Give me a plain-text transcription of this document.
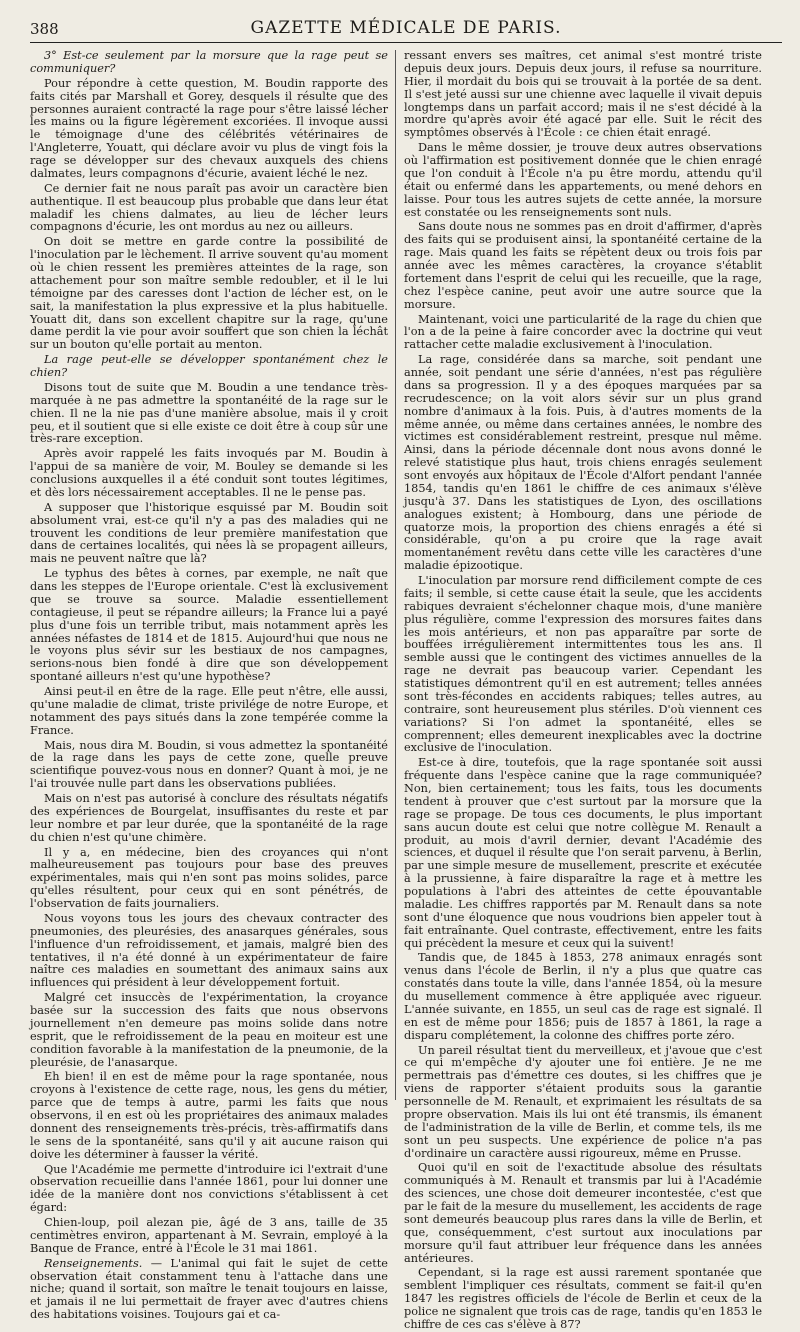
388	GAZETTE MÉDICALE DE PARIS.

3° Est-ce seulement par la morsure que la rage peut se communiquer?

Pour répondre à cette question, M. Boudin rapporte des faits cités par Marshall et Gorey, desquels il résulte que des personnes auraient contracté la rage pour s'être laissé lécher les mains ou la figure légèrement excoriées. Il invoque aussi le témoignage d'une des célébrités vétérinaires de l'Angleterre, Youatt, qui déclare avoir vu plus de vingt fois la rage se développer sur des chevaux auxquels des chiens dalmates, leurs compagnons d'écurie, avaient léché le nez.

Ce dernier fait ne nous paraît pas avoir un caractère bien authentique. Il est beaucoup plus probable que dans leur état maladif les chiens dalmates, au lieu de lécher leurs compagnons d'écurie, les ont mordus au nez ou ailleurs.

On doit se mettre en garde contre la possibilité de l'inoculation par le lèchement. Il arrive souvent qu'au moment où le chien ressent les premières atteintes de la rage, son attachement pour son maître semble redoubler, et il le lui témoigne par des caresses dont l'action de lécher est, on le sait, la manifestation la plus expressive et la plus habituelle. Youatt dit, dans son excellent chapitre sur la rage, qu'une dame perdit la vie pour avoir souffert que son chien la léchât sur un bouton qu'elle portait au menton.

La rage peut-elle se développer spontanément chez le chien?

Disons tout de suite que M. Boudin a une tendance très-marquée à ne pas admettre la spontanéité de la rage sur le chien. Il ne la nie pas d'une manière absolue, mais il y croit peu, et il soutient que si elle existe ce doit être à coup sûr une très-rare exception.

Après avoir rappelé les faits invoqués par M. Boudin à l'appui de sa manière de voir, M. Bouley se demande si les conclusions auxquelles il a été conduit sont toutes légitimes, et dès lors nécessairement acceptables. Il ne le pense pas.

A supposer que l'historique esquissé par M. Boudin soit absolument vrai, est-ce qu'il n'y a pas des maladies qui ne trouvent les conditions de leur première manifestation que dans de certaines localités, qui nées là se propagent ailleurs, mais ne peuvent naître que là?

Le typhus des bêtes à cornes, par exemple, ne naît que dans les steppes de l'Europe orientale. C'est là exclusivement que se trouve sa source. Maladie essentiellement contagieuse, il peut se répandre ailleurs; la France lui a payé plus d'une fois un terrible tribut, mais notamment après les années néfastes de 1814 et de 1815. Aujourd'hui que nous ne le voyons plus sévir sur les bestiaux de nos campagnes, serions-nous bien fondé à dire que son développement spontané ailleurs n'est qu'une hypothèse?

Ainsi peut-il en être de la rage. Elle peut n'être, elle aussi, qu'une maladie de climat, triste privilége de notre Europe, et notamment des pays situés dans la zone tempérée comme la France.

Mais, nous dira M. Boudin, si vous admettez la spontanéité de la rage dans les pays de cette zone, quelle preuve scientifique pouvez-vous nous en donner? Quant à moi, je ne l'ai trouvée nulle part dans les observations publiées.

Mais on n'est pas autorisé à conclure des résultats négatifs des expériences de Bourgelat, insuffisantes du reste et par leur nombre et par leur durée, que la spontanéité de la rage du chien n'est qu'une chimère.

Il y a, en médecine, bien des croyances qui n'ont malheureusement pas toujours pour base des preuves expérimentales, mais qui n'en sont pas moins solides, parce qu'elles résultent, pour ceux qui en sont pénétrés, de l'observation de faits journaliers.

Nous voyons tous les jours des chevaux contracter des pneumonies, des pleurésies, des anasarques générales, sous l'influence d'un refroidissement, et jamais, malgré bien des tentatives, il n'a été donné à un expérimentateur de faire naître ces maladies en soumettant des animaux sains aux influences qui président à leur développement fortuit.

Malgré cet insuccès de l'expérimentation, la croyance basée sur la succession des faits que nous observons journellement n'en demeure pas moins solide dans notre esprit, que le refroidissement de la peau en moiteur est une condition favorable à la manifestation de la pneumonie, de la pleurésie, de l'anasarque.

Eh bien! il en est de même pour la rage spontanée, nous croyons à l'existence de cette rage, nous, les gens du métier, parce que de temps à autre, parmi les faits que nous observons, il en est où les propriétaires des animaux malades donnent des renseignements très-précis, très-affirmatifs dans le sens de la spontanéité, sans qu'il y ait aucune raison qui doive les déterminer à fausser la vérité.

Que l'Académie me permette d'introduire ici l'extrait d'une observation recueillie dans l'année 1861, pour lui donner une idée de la manière dont nos convictions s'établissent à cet égard:

Chien-loup, poil alezan pie, âgé de 3 ans, taille de 35 centimètres environ, appartenant à M. Sevrain, employé à la Banque de France, entré à l'École le 31 mai 1861.

Renseignements. — L'animal qui fait le sujet de cette observation était constamment tenu à l'attache dans une niche; quand il sortait, son maître le tenait toujours en laisse, et jamais il ne lui permettait de frayer avec d'autres chiens des habitations voisines. Toujours gai et ca-

ressant envers ses maîtres, cet animal s'est montré triste depuis deux jours. Depuis deux jours, il refuse sa nourriture. Hier, il mordait du bois qui se trouvait à la portée de sa dent. Il s'est jeté aussi sur une chienne avec laquelle il vivait depuis longtemps dans un parfait accord; mais il ne s'est décidé à la mordre qu'après avoir été agacé par elle. Suit le récit des symptômes observés à l'École : ce chien était enragé.

Dans le même dossier, je trouve deux autres observations où l'affirmation est positivement donnée que le chien enragé que l'on conduit à l'École n'a pu être mordu, attendu qu'il était ou enfermé dans les appartements, ou mené dehors en laisse. Pour tous les autres sujets de cette année, la morsure est constatée ou les renseignements sont nuls.

Sans doute nous ne sommes pas en droit d'affirmer, d'après des faits qui se produisent ainsi, la spontanéité certaine de la rage. Mais quand les faits se répètent deux ou trois fois par année avec les mêmes caractères, la croyance s'établit fortement dans l'esprit de celui qui les recueille, que la rage, chez l'espèce canine, peut avoir une autre source que la morsure.

Maintenant, voici une particularité de la rage du chien que l'on a de la peine à faire concorder avec la doctrine qui veut rattacher cette maladie exclusivement à l'inoculation.

La rage, considérée dans sa marche, soit pendant une année, soit pendant une série d'années, n'est pas régulière dans sa progression. Il y a des époques marquées par sa recrudescence; on la voit alors sévir sur un plus grand nombre d'animaux à la fois. Puis, à d'autres moments de la même année, ou même dans certaines années, le nombre des victimes est considérablement restreint, presque nul même. Ainsi, dans la période décennale dont nous avons donné le relevé statistique plus haut, trois chiens enragés seulement sont envoyés aux hôpitaux de l'École d'Alfort pendant l'année 1854, tandis qu'en 1861 le chiffre de ces animaux s'élève jusqu'à 37. Dans les statistiques de Lyon, des oscillations analogues existent; à Hombourg, dans une période de quatorze mois, la proportion des chiens enragés a été si considérable, qu'on a pu croire que la rage avait momentanément revêtu dans cette ville les caractères d'une maladie épizootique.

L'inoculation par morsure rend difficilement compte de ces faits; il semble, si cette cause était la seule, que les accidents rabiques devraient s'échelonner chaque mois, d'une manière plus régulière, comme l'expression des morsures faites dans les mois antérieurs, et non pas apparaître par sorte de bouffées irrégulièrement intermittentes tous les ans. Il semble aussi que le contingent des victimes annuelles de la rage ne devrait pas beaucoup varier. Cependant les statistiques démontrent qu'il en est autrement; telles années sont très-fécondes en accidents rabiques; telles autres, au contraire, sont heureusement plus stériles. D'où viennent ces variations? Si l'on admet la spontanéité, elles se comprennent; elles demeurent inexplicables avec la doctrine exclusive de l'inoculation.

Est-ce à dire, toutefois, que la rage spontanée soit aussi fréquente dans l'espèce canine que la rage communiquée? Non, bien certainement; tous les faits, tous les documents tendent à prouver que c'est surtout par la morsure que la rage se propage. De tous ces documents, le plus important sans aucun doute est celui que notre collègue M. Renault a produit, au mois d'avril dernier, devant l'Académie des sciences, et duquel il résulte que l'on serait parvenu, à Berlin, par une simple mesure de musellement, prescrite et exécutée à la prussienne, à faire disparaître la rage et à mettre les populations à l'abri des atteintes de cette épouvantable maladie. Les chiffres rapportés par M. Renault dans sa note sont d'une éloquence que nous voudrions bien appeler tout à fait entraînante. Quel contraste, effectivement, entre les faits qui précèdent la mesure et ceux qui la suivent!

Tandis que, de 1845 à 1853, 278 animaux enragés sont venus dans l'école de Berlin, il n'y a plus que quatre cas constatés dans toute la ville, dans l'année 1854, où la mesure du musellement commence à être appliquée avec rigueur. L'année suivante, en 1855, un seul cas de rage est signalé. Il en est de même pour 1856; puis de 1857 à 1861, la rage a disparu complétement, la colonne des chiffres porte zéro.

Un pareil résultat tient du merveilleux, et j'avoue que c'est ce qui m'empêche d'y ajouter une foi entière. Je ne me permettrais pas d'émettre ces doutes, si les chiffres que je viens de rapporter s'étaient produits sous la garantie personnelle de M. Renault, et exprimaient les résultats de sa propre observation. Mais ils lui ont été transmis, ils émanent de l'administration de la ville de Berlin, et comme tels, ils me sont un peu suspects. Une expérience de police n'a pas d'ordinaire un caractère aussi rigoureux, même en Prusse.

Quoi qu'il en soit de l'exactitude absolue des résultats communiqués à M. Renault et transmis par lui à l'Académie des sciences, une chose doit demeurer incontestée, c'est que par le fait de la mesure du musellement, les accidents de rage sont demeurés beaucoup plus rares dans la ville de Berlin, et que, conséquemment, c'est surtout aux inoculations par morsure qu'il faut attribuer leur fréquence dans les années antérieures.

Cependant, si la rage est aussi rarement spontanée que semblent l'impliquer ces résultats, comment se fait-il qu'en 1847 les registres officiels de l'école de Berlin et ceux de la police ne signalent que trois cas de rage, tandis qu'en 1853 le chiffre de ces cas s'élève à 87?
